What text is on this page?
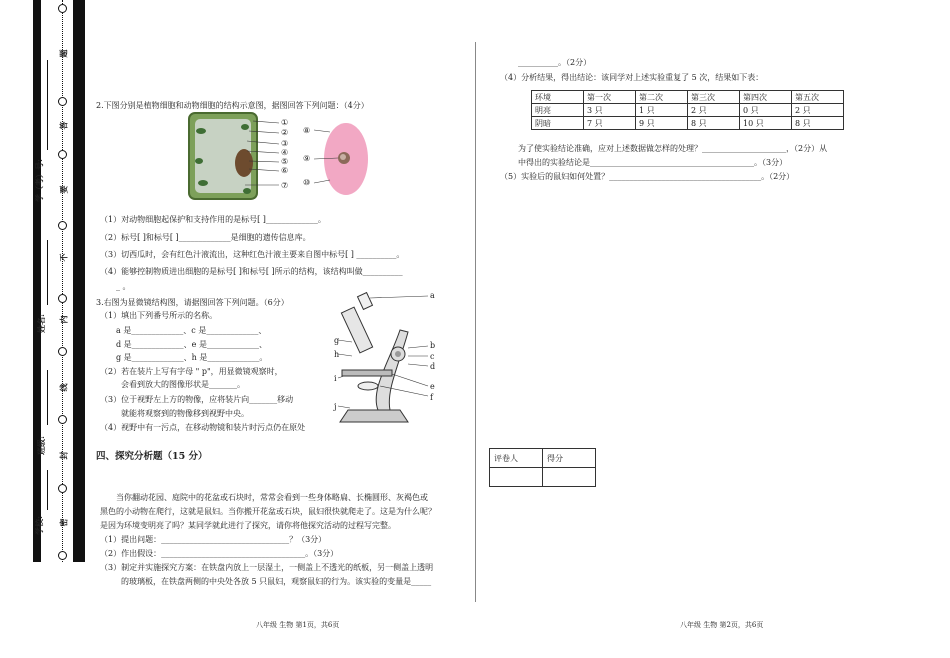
题
答
要
不
内
线
封
密
学校:
班级:
姓名:
学（考）号:
2.下图分别是植物细胞和动物细胞的结构示意图，据图回答下列问题：（4分）
①
②
③
④
⑤
⑥
⑦
⑧
⑨
⑩
（1）对动物细胞起保护和支持作用的是标号[ ]_____________。
（2）标号[ ]和标号[ ]_____________是细胞的遗传信息库。
（3）切西瓜时，会有红色汁液流出，这种红色汁液主要来自图中标号[ ] __________。
（4）能够控制物质进出细胞的是标号[ ]和标号[ ]所示的结构，该结构叫做__________
_ 。
3.右图为显微镜结构图，请据图回答下列问题。（6分）
（1）填出下列番号所示的名称。
a 是_____________、c 是_____________、
d 是_____________、e 是_____________、
g 是_____________、h 是_____________。
（2）若在装片上写有字母 " p"，用显微镜观察时，
会看到放大的图像形状是_______。
（3）位于视野左上方的物像，应将装片向_______移动
就能将观察到的物像移到视野中央。
（4）视野中有一污点，在移动物镜和装片时污点仍在原处
a
b
c
d
e
f
g
h
i
j
四、探究分析题（15 分）
当你翻动花园、庭院中的花盆或石块时，常常会看到一些身体略扁、长椭圆形、灰褐色或
黑色的小动物在爬行，这就是鼠妇。当你搬开花盆或石块，鼠妇很快就爬走了。这是为什么呢？
是因为环境变明亮了吗？某同学就此进行了探究，请你将他探究活动的过程写完整。
（1）提出问题：________________________________？（3分）
（2）作出假设：____________________________________。（3分）
（3）制定并实施探究方案：在铁盘内放上一层湿土，一侧盖上不透光的纸板，另一侧盖上透明
的玻璃板，在铁盘两侧的中央处各放 5 只鼠妇，观察鼠妇的行为。该实验的变量是_____
八年级 生物 第1页，共6页
__________。（2分）
（4）分析结果，得出结论：该同学对上述实验重复了 5 次，结果如下表：
环境	第一次	第二次	第三次	第四次	第五次
明亮	3 只	1 只	2 只	0 只	2 只
阴暗	7 只	9 只	8 只	10 只	8 只
为了使实验结论准确，应对上述数据做怎样的处理？_____________________，（2分）从
中得出的实验结论是_________________________________________。（3分）
（5）实验后的鼠妇如何处置？______________________________________。（2分）
评卷人	得分

八年级 生物 第2页，共6页
